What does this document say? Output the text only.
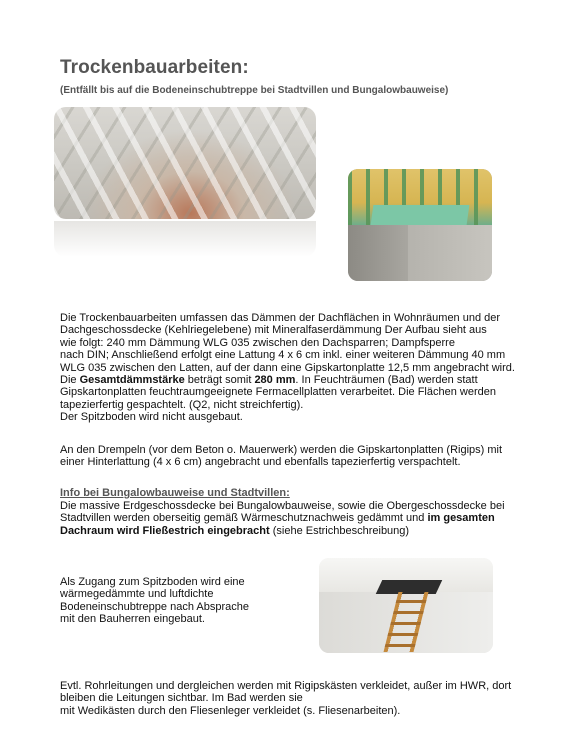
Trockenbauarbeiten:

(Entfällt bis auf die Bodeneinschubtreppe bei Stadtvillen und Bungalowbauweise)

Die Trockenbauarbeiten umfassen das Dämmen der Dachflächen in Wohnräumen und der
Dachgeschossdecke (Kehlriegelebene) mit Mineralfaserdämmung Der Aufbau sieht aus
wie folgt: 240 mm Dämmung WLG 035 zwischen den Dachsparren; Dampfsperre
nach DIN; Anschließend erfolgt eine Lattung 4 x 6 cm inkl. einer weiteren Dämmung 40 mm
WLG 035 zwischen den Latten, auf der dann eine Gipskartonplatte 12,5 mm angebracht wird.
Die Gesamtdämmstärke beträgt somit 280 mm. In Feuchträumen (Bad) werden statt
Gipskartonplatten feuchtraumgeeignete Fermacellplatten verarbeitet. Die Flächen werden
tapezierfertig gespachtelt. (Q2, nicht streichfertig).
Der Spitzboden wird nicht ausgebaut.
An den Drempeln (vor dem Beton o. Mauerwerk) werden die Gipskartonplatten (Rigips) mit
einer Hinterlattung (4 x 6 cm) angebracht und ebenfalls tapezierfertig verspachtelt.

Info bei Bungalowbauweise und Stadtvillen:

Die massive Erdgeschossdecke bei Bungalowbauweise, sowie die Obergeschossdecke bei
Stadtvillen werden oberseitig gemäß Wärmeschutznachweis gedämmt und im gesamten
Dachraum wird Fließestrich eingebracht (siehe Estrichbeschreibung)
Als Zugang zum Spitzboden wird eine
wärmegedämmte und luftdichte
Bodeneinschubtreppe nach Absprache
mit den Bauherren eingebaut.
Evtl. Rohrleitungen und dergleichen werden mit Rigipskästen verkleidet, außer im HWR, dort
bleiben die Leitungen sichtbar. Im Bad werden sie
mit Wedikästen durch den Fliesenleger verkleidet (s. Fliesenarbeiten).
